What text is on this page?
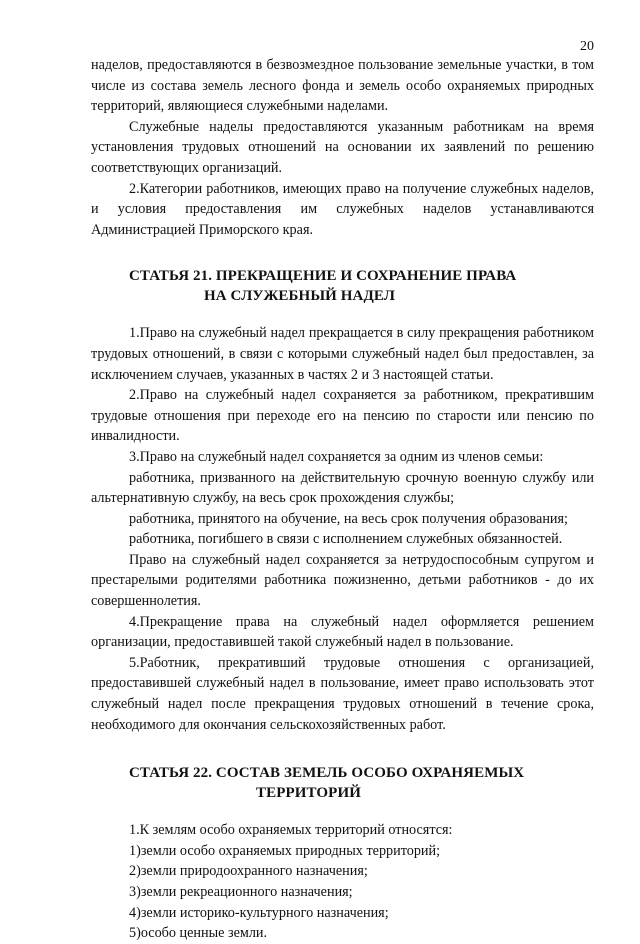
20

наделов, предоставляются в безвозмездное пользование земельные участки, в том числе из состава земель лесного фонда и земель особо охраняемых природных территорий, являющиеся служебными наделами.

Служебные наделы предоставляются указанным работникам на время установления трудовых отношений на основании их заявлений по решению соответствующих организаций.

2.Категории работников, имеющих право на получение служебных наделов, и условия предоставления им служебных наделов устанавливаются Администрацией Приморского края.

СТАТЬЯ 21. ПРЕКРАЩЕНИЕ И СОХРАНЕНИЕ ПРАВА
НА СЛУЖЕБНЫЙ НАДЕЛ

1.Право на служебный надел прекращается в силу прекращения работником трудовых отношений, в связи с которыми служебный надел был предоставлен, за исключением случаев, указанных в частях 2 и 3 настоящей статьи.

2.Право на служебный надел сохраняется за работником, прекратившим трудовые отношения при переходе его на пенсию по старости или пенсию по инвалидности.

3.Право на служебный надел сохраняется за одним из членов семьи:

работника, призванного на действительную срочную военную службу или альтернативную службу, на весь срок прохождения службы;

работника, принятого на обучение, на весь срок получения образования;

работника, погибшего в связи с исполнением служебных обязанностей.

Право на служебный надел сохраняется за нетрудоспособным супругом и престарелыми родителями работника пожизненно, детьми работников - до их совершеннолетия.

4.Прекращение права на служебный надел оформляется решением организации, предоставившей такой служебный надел в пользование.

5.Работник, прекративший трудовые отношения с организацией, предоставившей служебный надел в пользование, имеет право использовать этот служебный надел после прекращения трудовых отношений в течение срока, необходимого для окончания сельскохозяйственных работ.

СТАТЬЯ 22. СОСТАВ ЗЕМЕЛЬ ОСОБО ОХРАНЯЕМЫХ
ТЕРРИТОРИЙ

1.К землям особо охраняемых территорий относятся:

1)земли особо охраняемых природных территорий;

2)земли природоохранного назначения;

3)земли рекреационного назначения;

4)земли историко-культурного назначения;

5)особо ценные земли.
